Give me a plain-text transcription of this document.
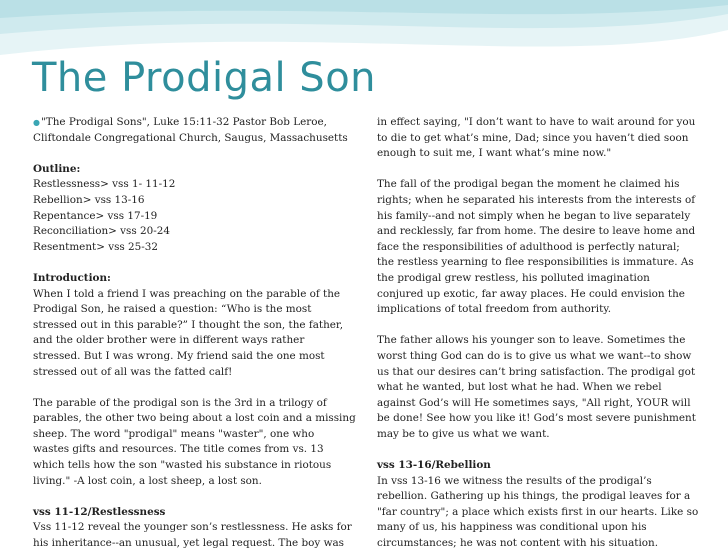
The Prodigal Son
●"The Prodigal Sons", Luke 15:11-32 Pastor Bob Leroe,
Cliftondale Congregational Church, Saugus, Massachusetts
Outline:
Restlessness> vss 1- 11-12
Rebellion> vss 13-16
Repentance> vss 17-19
Reconciliation> vss 20-24
Resentment> vss 25-32
Introduction:
When I told a friend I was preaching on the parable of the
Prodigal Son, he raised a question: “Who is the most
stressed out in this parable?” I thought the son, the father,
and the older brother were in different ways rather
stressed. But I was wrong. My friend said the one most
stressed out of all was the fatted calf!
The parable of the prodigal son is the 3rd in a trilogy of
parables, the other two being about a lost coin and a missing
sheep. The word "prodigal" means "waster", one who
wastes gifts and resources. The title comes from vs. 13
which tells how the son "wasted his substance in riotous
living." -A lost coin, a lost sheep, a lost son.
vss 11-12/Restlessness
Vss 11-12 reveal the younger son’s restlessness. He asks for
his inheritance--an unusual, yet legal request. The boy was
in effect saying, "I don’t want to have to wait around for you
to die to get what’s mine, Dad; since you haven’t died soon
enough to suit me, I want what’s mine now."
The fall of the prodigal began the moment he claimed his
rights; when he separated his interests from the interests of
his family--and not simply when he began to live separately
and recklessly, far from home. The desire to leave home and
face the responsibilities of adulthood is perfectly natural;
the restless yearning to flee responsibilities is immature. As
the prodigal grew restless, his polluted imagination
conjured up exotic, far away places. He could envision the
implications of total freedom from authority.
The father allows his younger son to leave. Sometimes the
worst thing God can do is to give us what we want--to show
us that our desires can’t bring satisfaction. The prodigal got
what he wanted, but lost what he had. When we rebel
against God’s will He sometimes says, "All right, YOUR will
be done! See how you like it! God’s most severe punishment
may be to give us what we want.
vss 13-16/Rebellion
In vss 13-16 we witness the results of the prodigal’s
rebellion. Gathering up his things, the prodigal leaves for a
"far country"; a place which exists first in our hearts. Like so
many of us, his happiness was conditional upon his
circumstances; he was not content with his situation.
